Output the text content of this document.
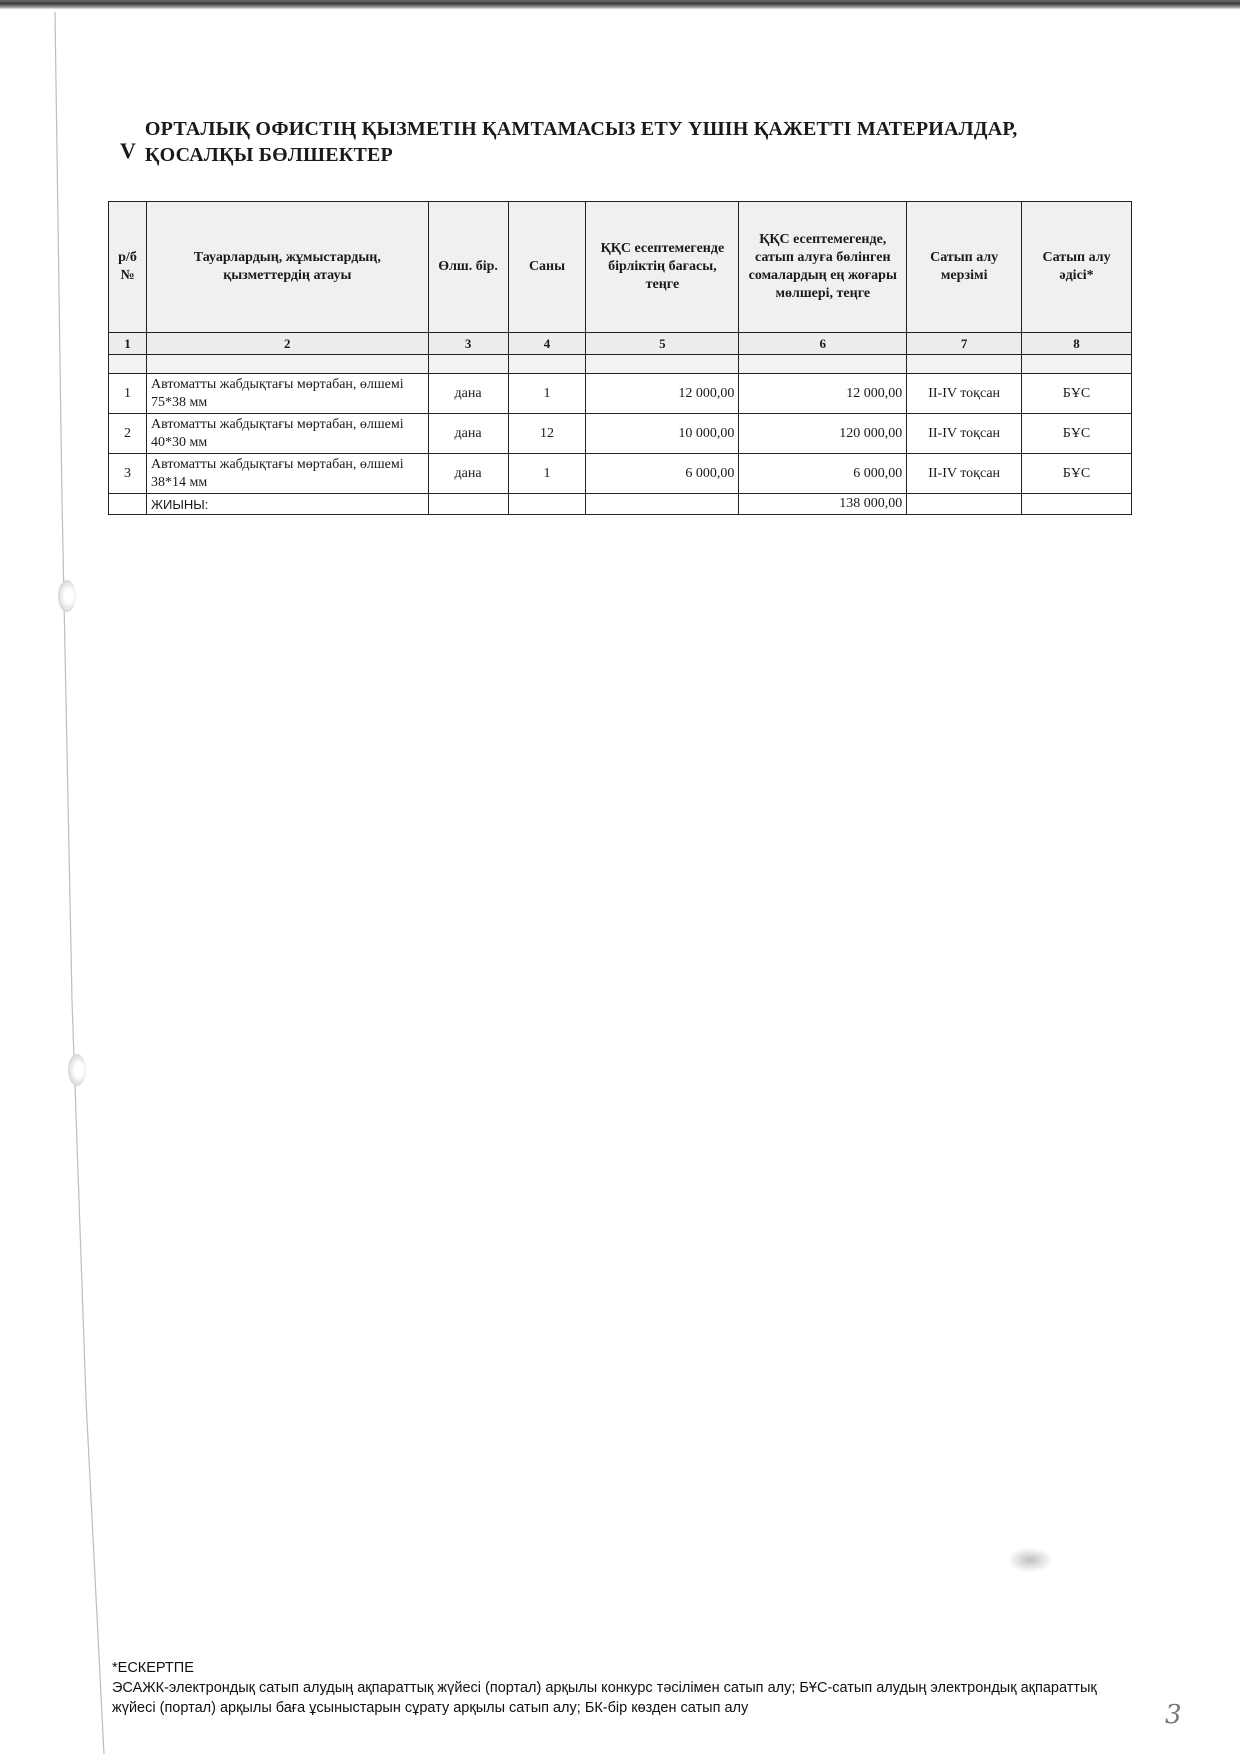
V
ОРТАЛЫҚ ОФИСТІҢ ҚЫЗМЕТІН ҚАМТАМАСЫЗ ЕТУ ҮШІН ҚАЖЕТТІ МАТЕРИАЛДАР, ҚОСАЛҚЫ БӨЛШЕКТЕР
р/б №	Тауарлардың, жұмыстардың, қызметтердің атауы	Өлш. бір.	Саны	ҚҚС есептемегенде бірліктің бағасы, теңге	ҚҚС есептемегенде, сатып алуға бөлінген сомалардың ең жоғары мөлшері, теңге	Сатып алу мерзімі	Сатып алу әдісі*
1	2	3	4	5	6	7	8

1	Автоматты жабдықтағы мөртабан, өлшемі 75*38 мм	дана	1	12 000,00	12 000,00	II-IV тоқсан	БҰС
2	Автоматты жабдықтағы мөртабан, өлшемі 40*30 мм	дана	12	10 000,00	120 000,00	II-IV тоқсан	БҰС
3	Автоматты жабдықтағы мөртабан, өлшемі 38*14 мм	дана	1	6 000,00	6 000,00	II-IV тоқсан	БҰС
	ЖИЫНЫ:				138 000,00		
*ЕСКЕРТПЕ
ЭСАЖК-электрондық сатып алудың ақпараттық жүйесі (портал) арқылы конкурс тәсілімен сатып алу; БҰС-сатып алудың электрондық ақпараттық жүйесі (портал) арқылы баға ұсыныстарын сұрату арқылы сатып алу; БК-бір көзден сатып алу	3
